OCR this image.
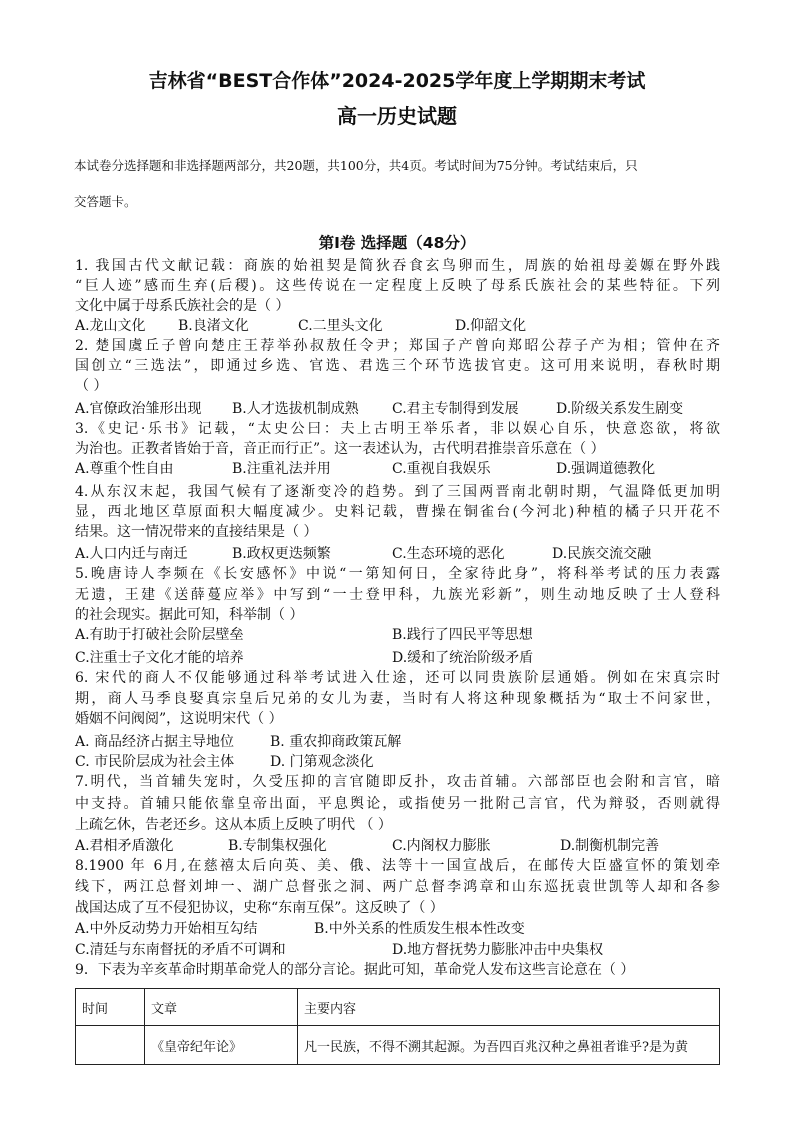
吉林省“BEST合作体”2024-2025学年度上学期期末考试
高一历史试题
本试卷分选择题和非选择题两部分，共20题，共100分，共4页。考试时间为75分钟。考试结束后，只
交答题卡。
第Ⅰ卷 选择题（48分）
1. 我国古代文献记载：商族的始祖契是简狄吞食玄鸟卵而生，周族的始祖母姜嫄在野外践
“巨人迹”感而生弃(后稷)。这些传说在一定程度上反映了母系氏族社会的某些特征。下列
文化中属于母系氏族社会的是（ ）
A.龙山文化 B.良渚文化	C.二里头文化	D.仰韶文化
2. 楚国虞丘子曾向楚庄王荐举孙叔敖任令尹；郑国子产曾向郑昭公荐子产为相；管仲在齐
国创立“三选法”，即通过乡选、官选、君选三个环节选拔官吏。这可用来说明，春秋时期
（ ）
A.官僚政治雏形出现 B.人才选拔机制成熟 C.君主专制得到发展	D.阶级关系发生剧变
3.《史记·乐书》记载，“太史公曰：夫上古明王举乐者，非以娱心自乐，快意恣欲，将欲
为治也。正教者皆始于音，音正而行正”。这一表述认为，古代明君推崇音乐意在（ ）
A.尊重个性自由	B.注重礼法并用	C.重视自我娱乐	D.强调道德教化
4.从东汉末起，我国气候有了逐渐变冷的趋势。到了三国两晋南北朝时期，气温降低更加明
显，西北地区草原面积大幅度减少。史料记载，曹操在铜雀台(今河北)种植的橘子只开花不
结果。这一情况带来的直接结果是（ ）
A.人口内迁与南迁	B.政权更迭频繁	C.生态环境的恶化	D.民族交流交融
5.晚唐诗人李频在《长安感怀》中说“一第知何日，全家待此身”，将科举考试的压力表露
无遗，王建《送薛蔓应举》中写到“一士登甲科，九族光彩新”，则生动地反映了士人登科
的社会现实。据此可知，科举制（ ）
A.有助于打破社会阶层壁垒	B.践行了四民平等思想
C.注重士子文化才能的培养	D.缓和了统治阶级矛盾
6. 宋代的商人不仅能够通过科举考试进入仕途，还可以同贵族阶层通婚。例如在宋真宗时
期，商人马季良娶真宗皇后兄弟的女儿为妻，当时有人将这种现象概括为“取士不问家世，
婚姻不问阀阅”，这说明宋代（ ）
A. 商品经济占据主导地位	B. 重农抑商政策瓦解
C. 市民阶层成为社会主体	D. 门第观念淡化
7.明代，当首辅失宠时，久受压抑的言官随即反扑，攻击首辅。六部部臣也会附和言官，暗
中支持。首辅只能依靠皇帝出面，平息舆论，或指使另一批附己言官，代为辩驳，否则就得
上疏乞休，告老还乡。这从本质上反映了明代 （ ）
A.君相矛盾激化	B.专制集权强化	C.内阁权力膨胀	D.制衡机制完善
8.1900 年 6月,在慈禧太后向英、美、俄、法等十一国宣战后，在邮传大臣盛宣怀的策划牵
线下，两江总督刘坤一、湖广总督张之洞、两广总督李鸿章和山东巡抚袁世凯等人却和各参
战国达成了互不侵犯协议，史称“东南互保”。这反映了（ ）
A.中外反动势力开始相互勾结	B.中外关系的性质发生根本性改变
C.清廷与东南督抚的矛盾不可调和	D.地方督抚势力膨胀冲击中央集权
9．下表为辛亥革命时期革命党人的部分言论。据此可知，革命党人发布这些言论意在（ ）
时间	文章	主要内容
	《皇帝纪年论》	凡一民族，不得不溯其起源。为吾四百兆汉种之鼻祖者谁乎?是为黄
